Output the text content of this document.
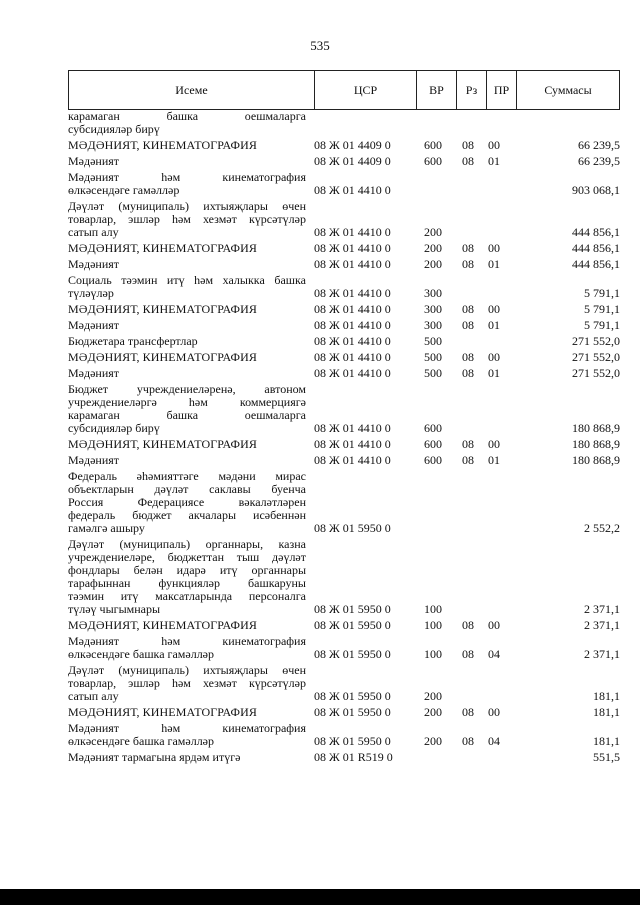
535
Исеме	ЦСР	ВР	Рз	ПР	Суммасы
карамаган башка оешмаларга
субсидияләр бирү
МӘДӘНИЯТ, КИНЕМАТОГРАФИЯ	08 Ж 01 4409 0	600	08	00	66 239,5
Мәдәният	08 Ж 01 4409 0	600	08	01	66 239,5
Мәдәният һәм кинематография
өлкәсендәге гамәлләр	08 Ж 01 4410 0	903 068,1
Дәүләт (муниципаль) ихтыяҗлары өчен
товарлар, эшләр һәм хезмәт күрсәтүләр
сатып алу	08 Ж 01 4410 0	200	444 856,1
МӘДӘНИЯТ, КИНЕМАТОГРАФИЯ	08 Ж 01 4410 0	200	08	00	444 856,1
Мәдәният	08 Ж 01 4410 0	200	08	01	444 856,1
Социаль тәэмин итү һәм халыкка башка
түләүләр	08 Ж 01 4410 0	300	5 791,1
МӘДӘНИЯТ, КИНЕМАТОГРАФИЯ	08 Ж 01 4410 0	300	08	00	5 791,1
Мәдәният	08 Ж 01 4410 0	300	08	01	5 791,1
Бюджетара трансфертлар	08 Ж 01 4410 0	500	271 552,0
МӘДӘНИЯТ, КИНЕМАТОГРАФИЯ	08 Ж 01 4410 0	500	08	00	271 552,0
Мәдәният	08 Ж 01 4410 0	500	08	01	271 552,0
Бюджет учреждениеләренә, автоном
учреждениеләргә һәм коммерциягә
карамаган башка оешмаларга
субсидияләр бирү	08 Ж 01 4410 0	600	180 868,9
МӘДӘНИЯТ, КИНЕМАТОГРАФИЯ	08 Ж 01 4410 0	600	08	00	180 868,9
Мәдәният	08 Ж 01 4410 0	600	08	01	180 868,9
Федераль әһәмияттәге мәдәни мирас
объектларын дәүләт саклавы буенча
Россия Федерациясе вәкаләтләрен
федераль бюджет акчалары исәбеннән
гамәлгә ашыру	08 Ж 01 5950 0	2 552,2
Дәүләт (муниципаль) органнары, казна
учреждениеләре, бюджеттан тыш дәүләт
фондлары белән идарә итү органнары
тарафыннан функцияләр башкаруны
тәэмин итү максатларында персоналга
түләү чыгымнары	08 Ж 01 5950 0	100	2 371,1
МӘДӘНИЯТ, КИНЕМАТОГРАФИЯ	08 Ж 01 5950 0	100	08	00	2 371,1
Мәдәният һәм кинематография
өлкәсендәге башка гамәлләр	08 Ж 01 5950 0	100	08	04	2 371,1
Дәүләт (муниципаль) ихтыяҗлары өчен
товарлар, эшләр һәм хезмәт күрсәтүләр
сатып алу	08 Ж 01 5950 0	200	181,1
МӘДӘНИЯТ, КИНЕМАТОГРАФИЯ	08 Ж 01 5950 0	200	08	00	181,1
Мәдәният һәм кинематография
өлкәсендәге башка гамәлләр	08 Ж 01 5950 0	200	08	04	181,1
Мәдәният тармагына ярдәм итүгә	08 Ж 01 R519 0	551,5
